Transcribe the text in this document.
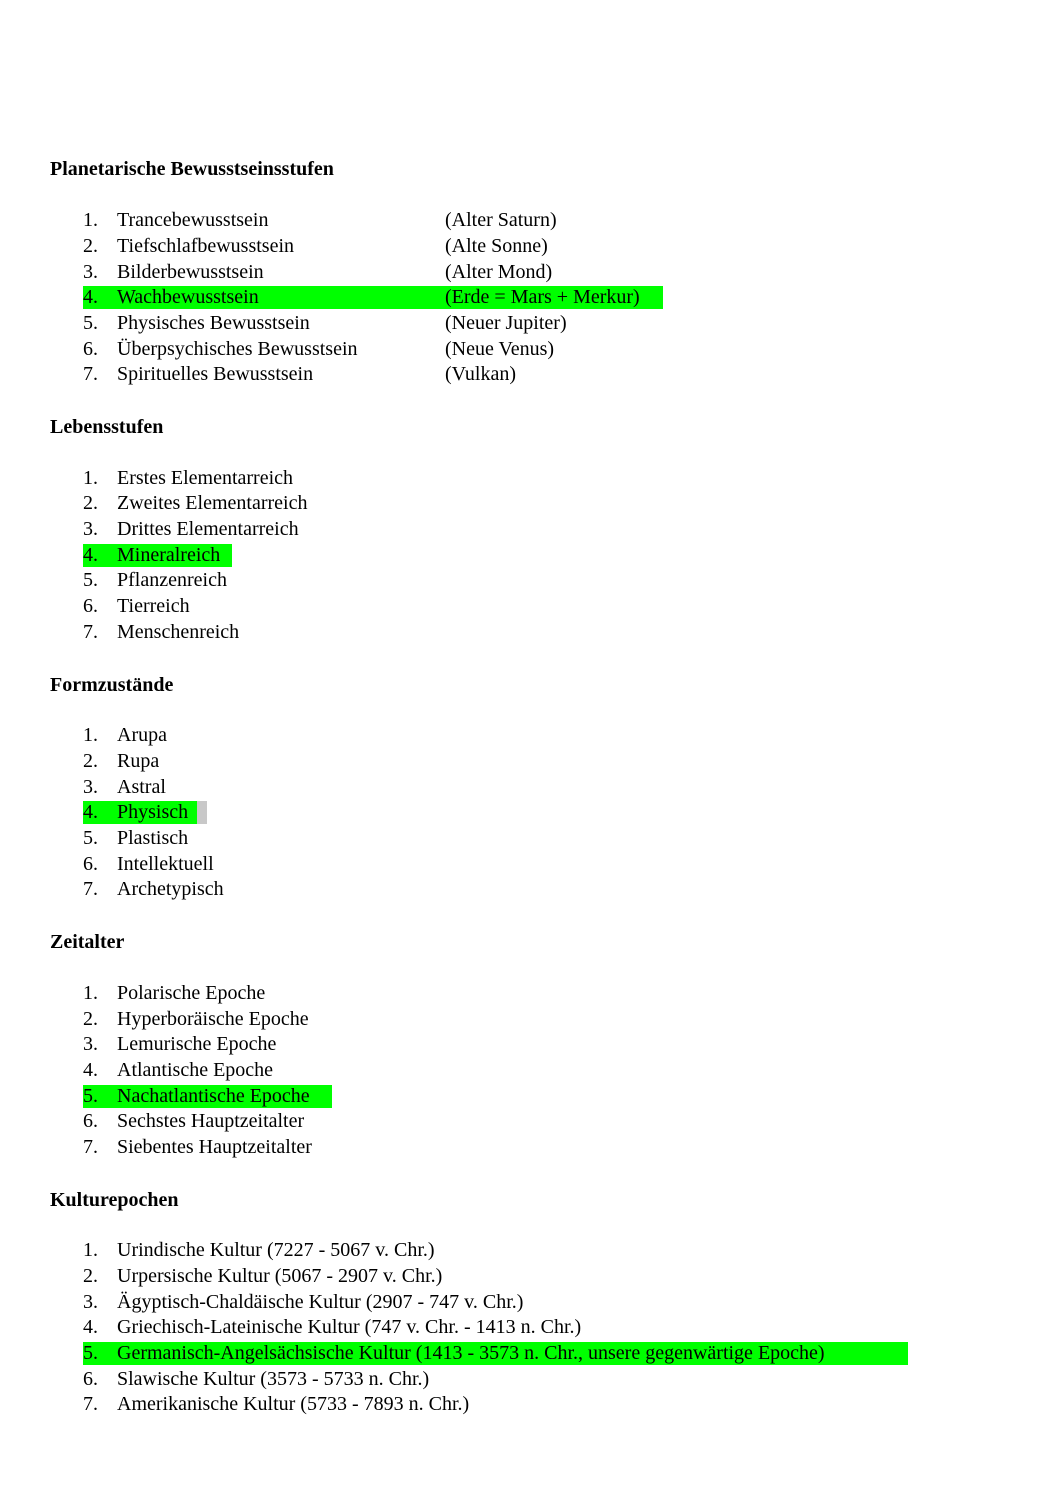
Planetarische Bewusstseinsstufen
1. Trancebewusstsein	(Alter Saturn)
2. Tiefschlafbewusstsein	(Alte Sonne)
3. Bilderbewusstsein	(Alter Mond)
4. Wachbewusstsein	(Erde = Mars + Merkur)
5. Physisches Bewusstsein	(Neuer Jupiter)
6. Überpsychisches Bewusstsein	(Neue Venus)
7. Spirituelles Bewusstsein	(Vulkan)
Lebensstufen
1. Erstes Elementarreich
2. Zweites Elementarreich
3. Drittes Elementarreich
4. Mineralreich
5. Pflanzenreich
6. Tierreich
7. Menschenreich
Formzustände
1. Arupa
2. Rupa
3. Astral
4. Physisch
5. Plastisch
6. Intellektuell
7. Archetypisch
Zeitalter
1. Polarische Epoche
2. Hyperboräische Epoche
3. Lemurische Epoche
4. Atlantische Epoche
5. Nachatlantische Epoche
6. Sechstes Hauptzeitalter
7. Siebentes Hauptzeitalter
Kulturepochen
1. Urindische Kultur (7227 - 5067 v. Chr.)
2. Urpersische Kultur (5067 - 2907 v. Chr.)
3. Ägyptisch-Chaldäische Kultur (2907 - 747 v. Chr.)
4. Griechisch-Lateinische Kultur (747 v. Chr. - 1413 n. Chr.)
5. Germanisch-Angelsächsische Kultur (1413 - 3573 n. Chr., unsere gegenwärtige Epoche)
6. Slawische Kultur (3573 - 5733 n. Chr.)
7. Amerikanische Kultur (5733 - 7893 n. Chr.)
